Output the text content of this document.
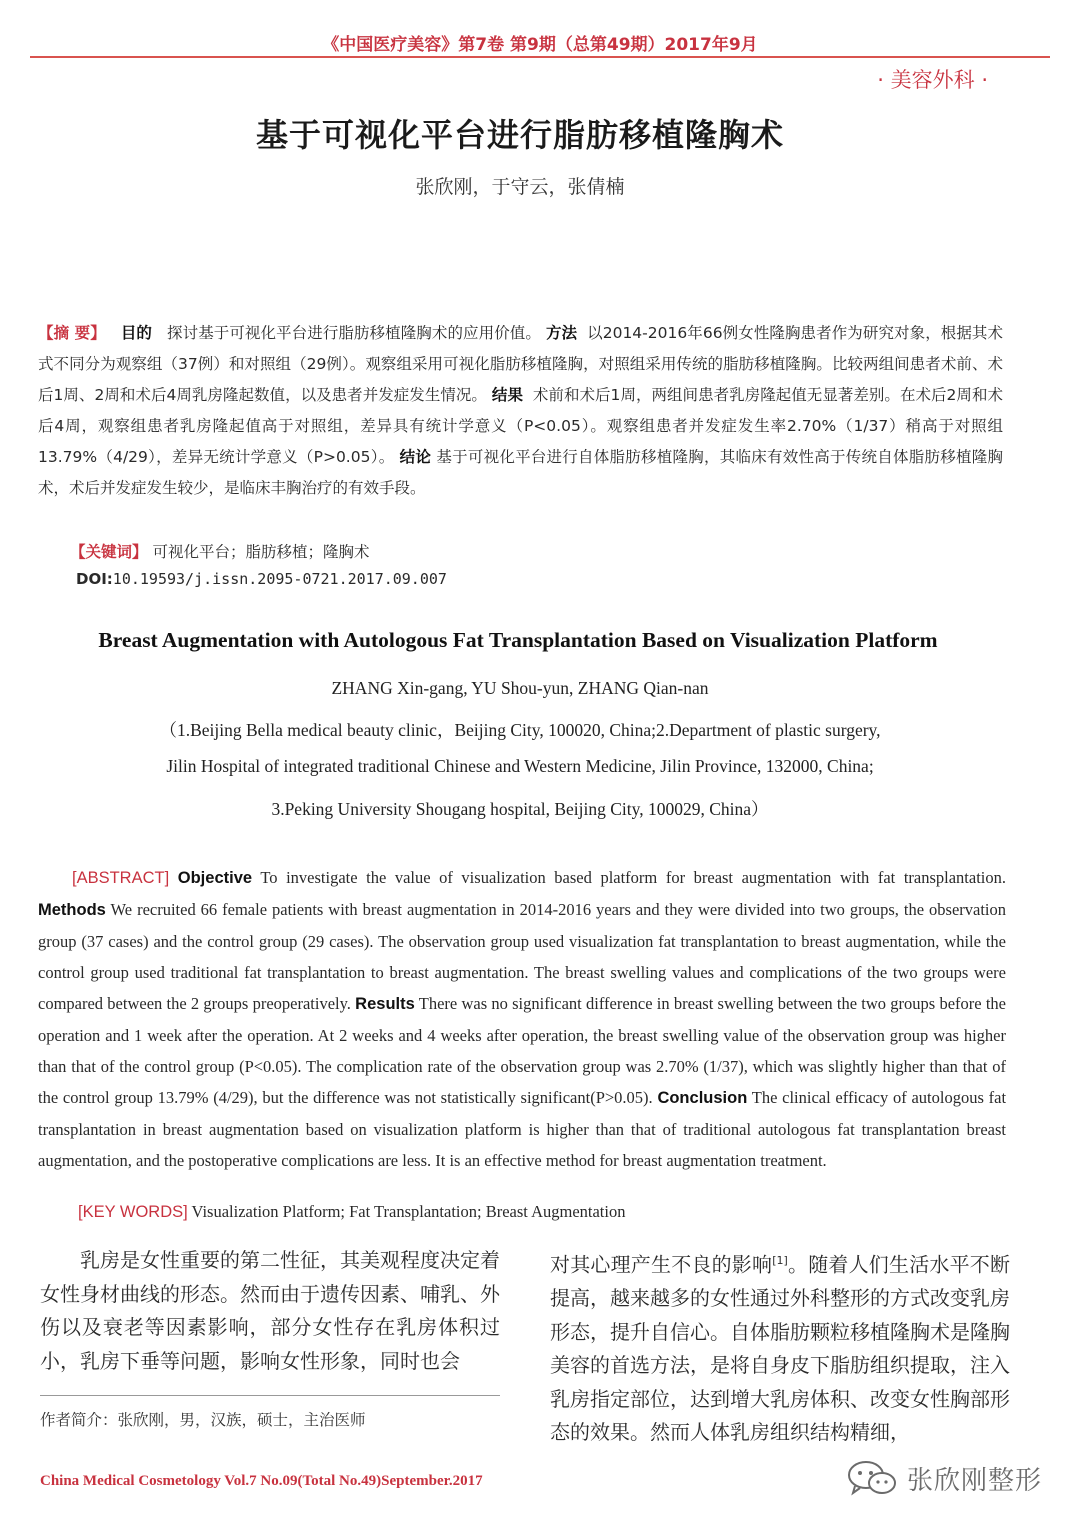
《中国医疗美容》第7卷 第9期（总第49期）2017年9月
· 美容外科 ·
基于可视化平台进行脂肪移植隆胸术
张欣刚，于守云，张倩楠
【摘 要】 目的 探讨基于可视化平台进行脂肪移植隆胸术的应用价值。 方法 以2014-2016年66例女性隆胸患者作为研究对象，根据其术式不同分为观察组（37例）和对照组（29例）。观察组采用可视化脂肪移植隆胸，对照组采用传统的脂肪移植隆胸。比较两组间患者术前、术后1周、2周和术后4周乳房隆起数值，以及患者并发症发生情况。 结果 术前和术后1周，两组间患者乳房隆起值无显著差别。在术后2周和术后4周，观察组患者乳房隆起值高于对照组，差异具有统计学意义（P<0.05）。观察组患者并发症发生率2.70%（1/37）稍高于对照组13.79%（4/29），差异无统计学意义（P>0.05）。 结论 基于可视化平台进行自体脂肪移植隆胸，其临床有效性高于传统自体脂肪移植隆胸术，术后并发症发生较少，是临床丰胸治疗的有效手段。
【关键词】 可视化平台；脂肪移植；隆胸术
DOI:10.19593/j.issn.2095-0721.2017.09.007
Breast Augmentation with Autologous Fat Transplantation Based on Visualization Platform
ZHANG Xin-gang, YU Shou-yun, ZHANG Qian-nan
（1.Beijing Bella medical beauty clinic，Beijing City, 100020, China;2.Department of plastic surgery,
Jilin Hospital of integrated traditional Chinese and Western Medicine, Jilin Province, 132000, China;
3.Peking University Shougang hospital, Beijing City, 100029, China）
[ABSTRACT] Objective To investigate the value of visualization based platform for breast augmentation with fat transplantation. Methods We recruited 66 female patients with breast augmentation in 2014-2016 years and they were divided into two groups, the observation group (37 cases) and the control group (29 cases). The observation group used visualization fat transplantation to breast augmentation, while the control group used traditional fat transplantation to breast augmentation. The breast swelling values and complications of the two groups were compared between the 2 groups preoperatively. Results There was no significant difference in breast swelling between the two groups before the operation and 1 week after the operation. At 2 weeks and 4 weeks after operation, the breast swelling value of the observation group was higher than that of the control group (P<0.05). The complication rate of the observation group was 2.70% (1/37), which was slightly higher than that of the control group 13.79% (4/29), but the difference was not statistically significant(P>0.05). Conclusion The clinical efficacy of autologous fat transplantation in breast augmentation based on visualization platform is higher than that of traditional autologous fat transplantation breast augmentation, and the postoperative complications are less. It is an effective method for breast augmentation treatment.
[KEY WORDS] Visualization Platform; Fat Transplantation; Breast Augmentation
乳房是女性重要的第二性征，其美观程度决定着女性身材曲线的形态。然而由于遗传因素、哺乳、外伤以及衰老等因素影响，部分女性存在乳房体积过小，乳房下垂等问题，影响女性形象，同时也会
对其心理产生不良的影响[1]。随着人们生活水平不断提高，越来越多的女性通过外科整形的方式改变乳房形态，提升自信心。自体脂肪颗粒移植隆胸术是隆胸美容的首选方法，是将自身皮下脂肪组织提取，注入乳房指定部位，达到增大乳房体积、改变女性胸部形态的效果。然而人体乳房组织结构精细，
作者简介：张欣刚，男，汉族，硕士，主治医师
China Medical Cosmetology Vol.7 No.09(Total No.49)September.2017	张欣刚整形
